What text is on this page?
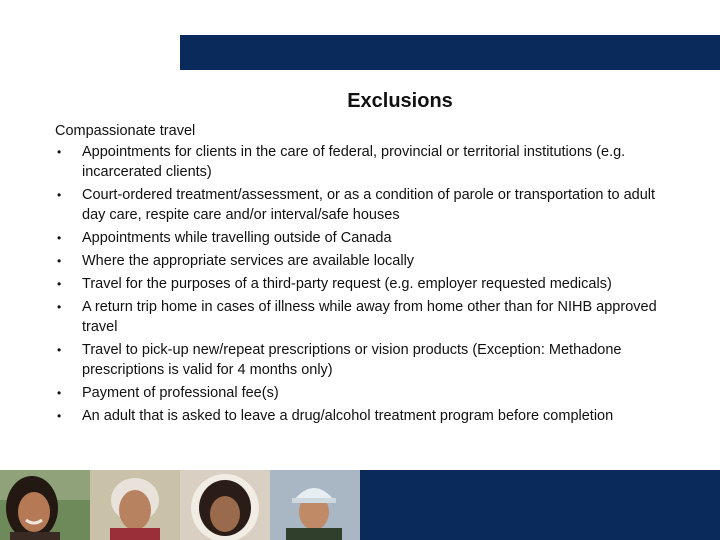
Exclusions
Compassionate travel
• Appointments for clients in the care of federal, provincial or territorial institutions (e.g. incarcerated clients)
• Court-ordered treatment/assessment, or as a condition of parole or transportation to adult day care, respite care and/or interval/safe houses
• Appointments while travelling outside of Canada
• Where the appropriate services are available locally
• Travel for the purposes of a third-party request (e.g. employer requested medicals)
• A return trip home in cases of illness while away from home other than for NIHB approved travel
• Travel to pick-up new/repeat prescriptions or vision products (Exception: Methadone prescriptions is valid for 4 months only)
• Payment of professional fee(s)
• An adult that is asked to leave a drug/alcohol treatment program before completion
